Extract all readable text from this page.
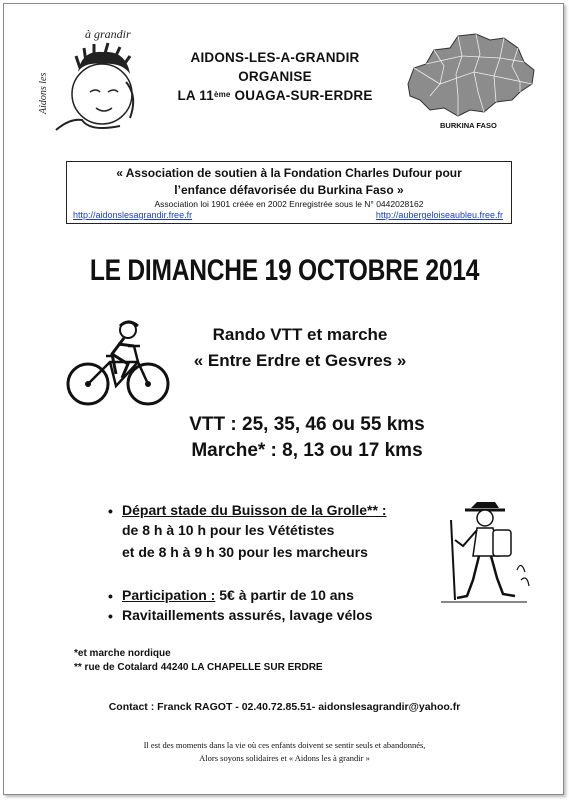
à grandir
Aidons les
AIDONS-LES-A-GRANDIR
ORGANISE
LA 11ème OUAGA-SUR-ERDRE
BURKINA FASO
« Association de soutien à la Fondation Charles Dufour pour
l’enfance défavorisée du Burkina Faso »
Association loi 1901 créée en 2002 Enregistrée sous le N° 0442028162
http://aidonslesagrandir.free.fr	http://aubergeloiseaubleu.free.fr
LE DIMANCHE 19 OCTOBRE 2014
Rando VTT et marche
« Entre Erdre et Gesvres »
VTT : 25, 35, 46 ou 55 kms
Marche* : 8, 13 ou 17 kms
• Départ stade du Buisson de la Grolle** :
de 8 h à 10 h pour les Vététistes
et de 8 h à 9 h 30 pour les marcheurs
• Participation : 5€ à partir de 10 ans
• Ravitaillements assurés, lavage vélos
*et marche nordique
** rue de Cotalard 44240 LA CHAPELLE SUR ERDRE
Contact : Franck RAGOT - 02.40.72.85.51- aidonslesagrandir@yahoo.fr
Il est des moments dans la vie où ces enfants doivent se sentir seuls et abandonnés,
Alors soyons solidaires et « Aidons les à grandir »
